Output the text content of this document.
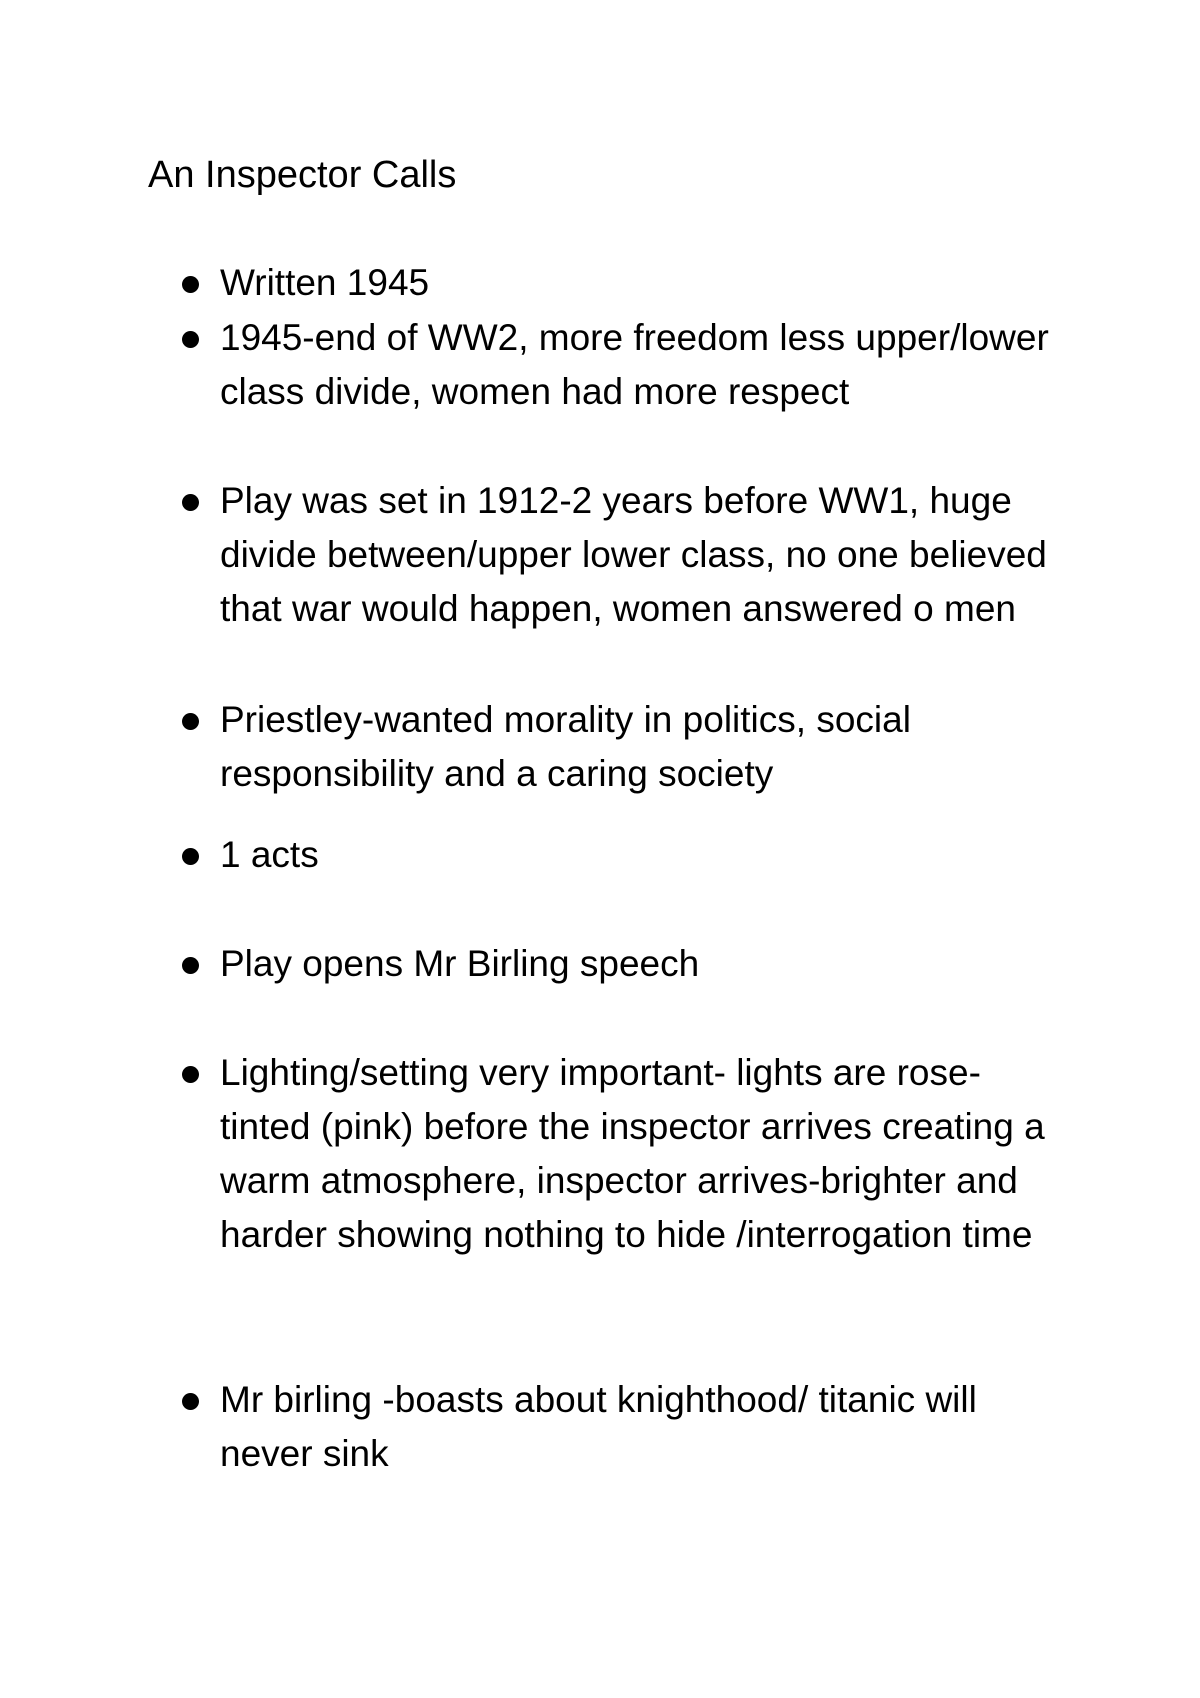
An Inspector Calls
Written 1945
1945-end of WW2, more freedom less upper/lower class divide, women had more respect
Play was set in 1912-2 years before WW1, huge divide between/upper lower class, no one believed that war would happen, women answered o men
Priestley-wanted morality in politics, social responsibility and a caring society
1 acts
Play opens Mr Birling speech
Lighting/setting very important- lights are rose-tinted (pink) before the inspector arrives creating a warm atmosphere, inspector arrives-brighter and harder showing nothing to hide /interrogation time
Mr birling -boasts about knighthood/ titanic will never sink
